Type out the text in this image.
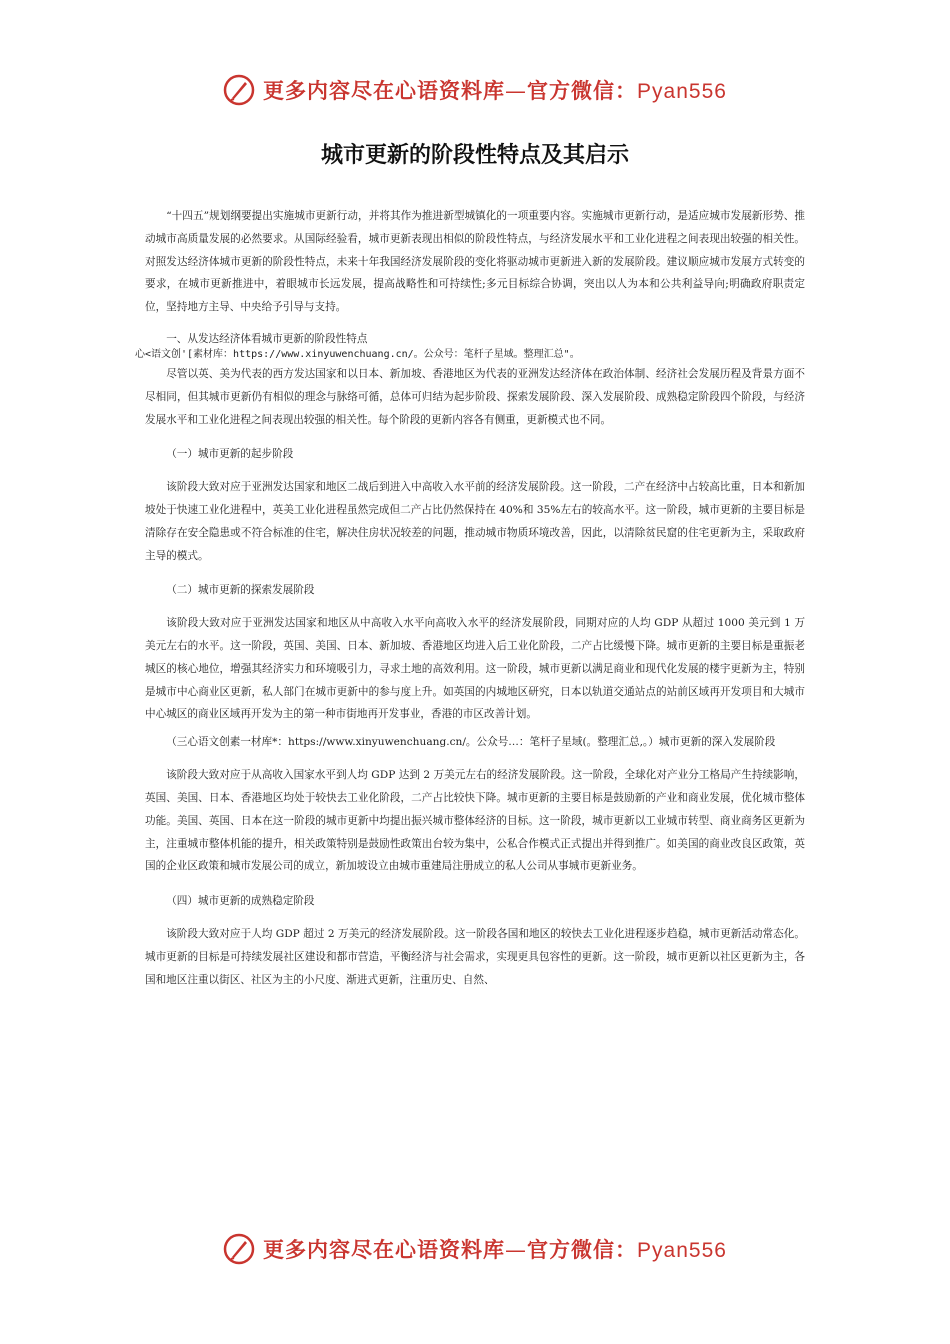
更多内容尽在心语资料库—官方微信：Pyan556
城市更新的阶段性特点及其启示

“十四五”规划纲要提出实施城市更新行动，并将其作为推进新型城镇化的一项重要内容。实施城市更新行动，是适应城市发展新形势、推动城市高质量发展的必然要求。从国际经验看，城市更新表现出相似的阶段性特点，与经济发展水平和工业化进程之间表现出较强的相关性。对照发达经济体城市更新的阶段性特点，未来十年我国经济发展阶段的变化将驱动城市更新进入新的发展阶段。建议顺应城市发展方式转变的要求，在城市更新推进中，着眼城市长远发展，提高战略性和可持续性;多元目标综合协调，突出以人为本和公共利益导向;明确政府职责定位，坚持地方主导、中央给予引导与支持。

一、从发达经济体看城市更新的阶段性特点

心<语文创'[素材库：https://www.xinyuwenchuang.cn/。公众号：笔杆子星域。整理汇总"。

尽管以英、美为代表的西方发达国家和以日本、新加坡、香港地区为代表的亚洲发达经济体在政治体制、经济社会发展历程及背景方面不尽相同，但其城市更新仍有相似的理念与脉络可循，总体可归结为起步阶段、探索发展阶段、深入发展阶段、成熟稳定阶段四个阶段，与经济发展水平和工业化进程之间表现出较强的相关性。每个阶段的更新内容各有侧重，更新模式也不同。

（一）城市更新的起步阶段

该阶段大致对应于亚洲发达国家和地区二战后到进入中高收入水平前的经济发展阶段。这一阶段，二产在经济中占较高比重，日本和新加坡处于快速工业化进程中，英美工业化进程虽然完成但二产占比仍然保持在 40%和 35%左右的较高水平。这一阶段，城市更新的主要目标是清除存在安全隐患或不符合标准的住宅，解决住房状况较差的问题，推动城市物质环境改善，因此，以清除贫民窟的住宅更新为主，采取政府主导的模式。

（二）城市更新的探索发展阶段

该阶段大致对应于亚洲发达国家和地区从中高收入水平向高收入水平的经济发展阶段，同期对应的人均 GDP 从超过 1000 美元到 1 万美元左右的水平。这一阶段，英国、美国、日本、新加坡、香港地区均进入后工业化阶段，二产占比缓慢下降。城市更新的主要目标是重振老城区的核心地位，增强其经济实力和环境吸引力，寻求土地的高效利用。这一阶段，城市更新以满足商业和现代化发展的楼宇更新为主，特别是城市中心商业区更新，私人部门在城市更新中的参与度上升。如英国的内城地区研究，日本以轨道交通站点的站前区域再开发项目和大城市中心城区的商业区域再开发为主的第一种市街地再开发事业，香港的市区改善计划。

（三心语文创素一材库*：https://www.xinyuwenchuang.cn/。公众号…：笔杆子星域(。整理汇总,。）城市更新的深入发展阶段

该阶段大致对应于从高收入国家水平到人均 GDP 达到 2 万美元左右的经济发展阶段。这一阶段，全球化对产业分工格局产生持续影响，英国、美国、日本、香港地区均处于较快去工业化阶段，二产占比较快下降。城市更新的主要目标是鼓励新的产业和商业发展，优化城市整体功能。美国、英国、日本在这一阶段的城市更新中均提出振兴城市整体经济的目标。这一阶段，城市更新以工业城市转型、商业商务区更新为主，注重城市整体机能的提升，相关政策特别是鼓励性政策出台较为集中，公私合作模式正式提出并得到推广。如美国的商业改良区政策，英国的企业区政策和城市发展公司的成立，新加坡设立由城市重建局注册成立的私人公司从事城市更新业务。

（四）城市更新的成熟稳定阶段

该阶段大致对应于人均 GDP 超过 2 万美元的经济发展阶段。这一阶段各国和地区的较快去工业化进程逐步趋稳，城市更新活动常态化。城市更新的目标是可持续发展社区建设和都市营造，平衡经济与社会需求，实现更具包容性的更新。这一阶段，城市更新以社区更新为主，各国和地区注重以街区、社区为主的小尺度、渐进式更新，注重历史、自然、

更多内容尽在心语资料库—官方微信：Pyan556
